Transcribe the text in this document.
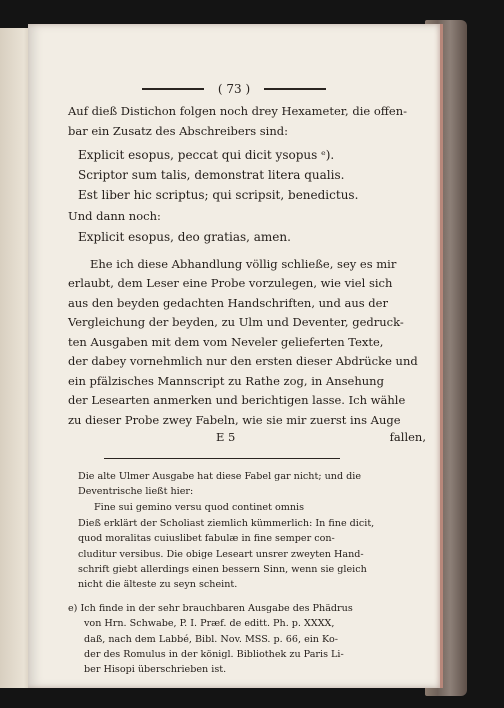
( 73 )
Auf dieß Distichon folgen noch drey Hexameter, die offen-
bar ein Zusatz des Abschreibers sind:
Explicit esopus, peccat qui dicit ysopus ᵉ).
Scriptor sum talis, demonstrat litera qualis.
Est liber hic scriptus; qui scripsit, benedictus.
Und dann noch:
Explicit esopus, deo gratias, amen.
Ehe ich diese Abhandlung völlig schließe, sey es mir
erlaubt, dem Leser eine Probe vorzulegen, wie viel sich
aus den beyden gedachten Handschriften, und aus der
Vergleichung der beyden, zu Ulm und Deventer, gedruck-
ten Ausgaben mit dem vom Neveler gelieferten Texte,
der dabey vornehmlich nur den ersten dieser Abdrücke und
ein pfälzisches Mannscript zu Rathe zog, in Ansehung
der Lesearten anmerken und berichtigen lasse. Ich wähle
zu dieser Probe zwey Fabeln, wie sie mir zuerst ins Auge
E 5	fallen,
Die alte Ulmer Ausgabe hat diese Fabel gar nicht; und die
Deventrische ließt hier:
Fine sui gemino versu quod continet omnis
Dieß erklärt der Scholiast ziemlich kümmerlich: In fine dicit,
quod moralitas cuiuslibet fabulæ in fine semper con-
cluditur versibus. Die obige Leseart unsrer zweyten Hand-
schrift giebt allerdings einen bessern Sinn, wenn sie gleich
nicht die älteste zu seyn scheint.
e) Ich finde in der sehr brauchbaren Ausgabe des Phädrus
von Hrn. Schwabe, P. I. Præf. de editt. Ph. p. XXXX,
daß, nach dem Labbé, Bibl. Nov. MSS. p. 66, ein Ko-
der des Romulus in der königl. Bibliothek zu Paris Li-
ber Hisopi überschrieben ist.
